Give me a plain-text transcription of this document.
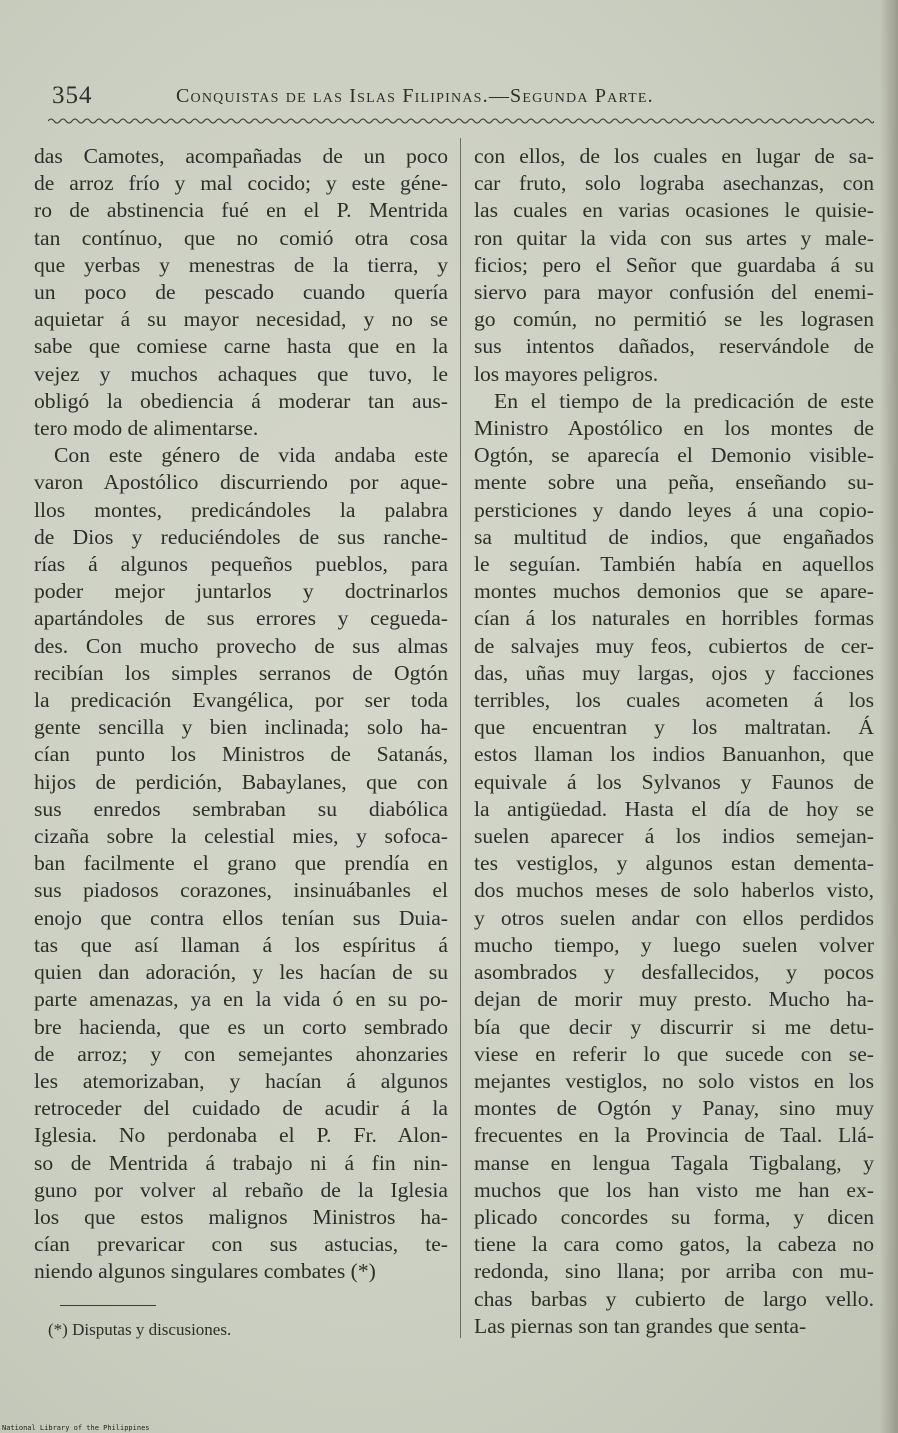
354	Conquistas de las Islas Filipinas.—Segunda Parte.
das Camotes, acompañadas de un poco
de arroz frío y mal cocido; y este géne-
ro de abstinencia fué en el P. Mentrida
tan contínuo, que no comió otra cosa
que yerbas y menestras de la tierra, y
un poco de pescado cuando quería
aquietar á su mayor necesidad, y no se
sabe que comiese carne hasta que en la
vejez y muchos achaques que tuvo, le
obligó la obediencia á moderar tan aus-
tero modo de alimentarse.
Con este género de vida andaba este
varon Apostólico discurriendo por aque-
llos montes, predicándoles la palabra
de Dios y reduciéndoles de sus ranche-
rías á algunos pequeños pueblos, para
poder mejor juntarlos y doctrinarlos
apartándoles de sus errores y cegueda-
des. Con mucho provecho de sus almas
recibían los simples serranos de Ogtón
la predicación Evangélica, por ser toda
gente sencilla y bien inclinada; solo ha-
cían punto los Ministros de Satanás,
hijos de perdición, Babaylanes, que con
sus enredos sembraban su diabólica
cizaña sobre la celestial mies, y sofoca-
ban facilmente el grano que prendía en
sus piadosos corazones, insinuábanles el
enojo que contra ellos tenían sus Duia-
tas que así llaman á los espíritus á
quien dan adoración, y les hacían de su
parte amenazas, ya en la vida ó en su po-
bre hacienda, que es un corto sembrado
de arroz; y con semejantes ahonzaries
les atemorizaban, y hacían á algunos
retroceder del cuidado de acudir á la
Iglesia. No perdonaba el P. Fr. Alon-
so de Mentrida á trabajo ni á fin nin-
guno por volver al rebaño de la Iglesia
los que estos malignos Ministros ha-
cían prevaricar con sus astucias, te-
niendo algunos singulares combates (*)
con ellos, de los cuales en lugar de sa-
car fruto, solo lograba asechanzas, con
las cuales en varias ocasiones le quisie-
ron quitar la vida con sus artes y male-
ficios; pero el Señor que guardaba á su
siervo para mayor confusión del enemi-
go común, no permitió se les lograsen
sus intentos dañados, reservándole de
los mayores peligros.
En el tiempo de la predicación de este
Ministro Apostólico en los montes de
Ogtón, se aparecía el Demonio visible-
mente sobre una peña, enseñando su-
persticiones y dando leyes á una copio-
sa multitud de indios, que engañados
le seguían. También había en aquellos
montes muchos demonios que se apare-
cían á los naturales en horribles formas
de salvajes muy feos, cubiertos de cer-
das, uñas muy largas, ojos y facciones
terribles, los cuales acometen á los
que encuentran y los maltratan. Á
estos llaman los indios Banuanhon, que
equivale á los Sylvanos y Faunos de
la antigüedad. Hasta el día de hoy se
suelen aparecer á los indios semejan-
tes vestiglos, y algunos estan dementa-
dos muchos meses de solo haberlos visto,
y otros suelen andar con ellos perdidos
mucho tiempo, y luego suelen volver
asombrados y desfallecidos, y pocos
dejan de morir muy presto. Mucho ha-
bía que decir y discurrir si me detu-
viese en referir lo que sucede con se-
mejantes vestiglos, no solo vistos en los
montes de Ogtón y Panay, sino muy
frecuentes en la Provincia de Taal. Llá-
manse en lengua Tagala Tigbalang, y
muchos que los han visto me han ex-
plicado concordes su forma, y dicen
tiene la cara como gatos, la cabeza no
redonda, sino llana; por arriba con mu-
chas barbas y cubierto de largo vello.
Las piernas son tan grandes que senta-
(*) Disputas y discusiones.
National Library of the Philippines
